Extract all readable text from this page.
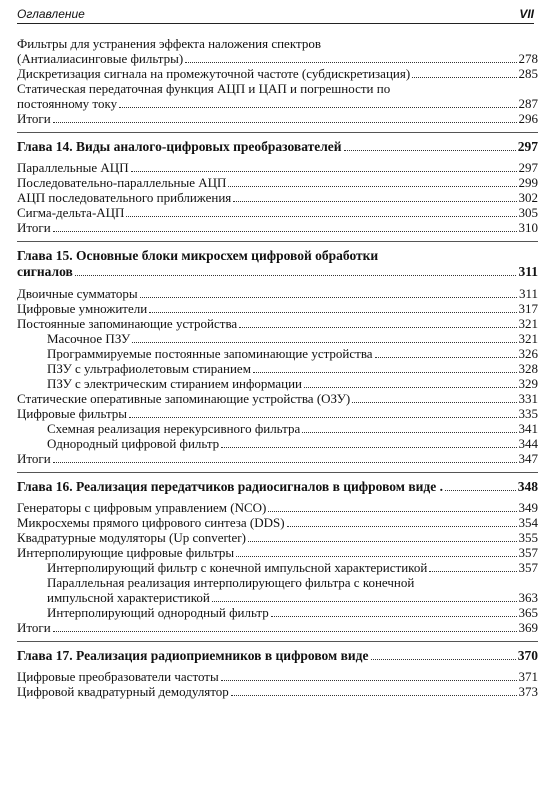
Оглавление	VII
Фильтры для устранения эффекта наложения спектров
(Антиалиасинговые фильтры)	278
Дискретизация сигнала на промежуточной частоте (субдискретизация)	285
Статическая передаточная функция АЦП и ЦАП и погрешности по
постоянному току	287
Итоги	296
Глава 14. Виды аналого-цифровых преобразователей	297
Параллельные АЦП	297
Последовательно-параллельные АЦП	299
АЦП последовательного приближения	302
Сигма-дельта-АЦП	305
Итоги	310
Глава 15. Основные блоки микросхем цифровой обработки
сигналов	311
Двоичные сумматоры	311
Цифровые умножители	317
Постоянные запоминающие устройства	321
Масочное ПЗУ	321
Программируемые постоянные запоминающие устройства	326
ПЗУ с ультрафиолетовым стиранием	328
ПЗУ с электрическим стиранием информации	329
Статические оперативные запоминающие устройства (ОЗУ)	331
Цифровые фильтры	335
Схемная реализация нерекурсивного фильтра	341
Однородный цифровой фильтр	344
Итоги	347
Глава 16. Реализация передатчиков радиосигналов в цифровом виде .	348
Генераторы с цифровым управлением (NCO)	349
Микросхемы прямого цифрового синтеза (DDS)	354
Квадратурные модуляторы (Up converter)	355
Интерполирующие цифровые фильтры	357
Интерполирующий фильтр с конечной импульсной характеристикой	357
Параллельная реализация интерполирующего фильтра с конечной
импульсной характеристикой	363
Интерполирующий однородный фильтр	365
Итоги	369
Глава 17. Реализация радиоприемников в цифровом виде	370
Цифровые преобразователи частоты	371
Цифровой квадратурный демодулятор	373
